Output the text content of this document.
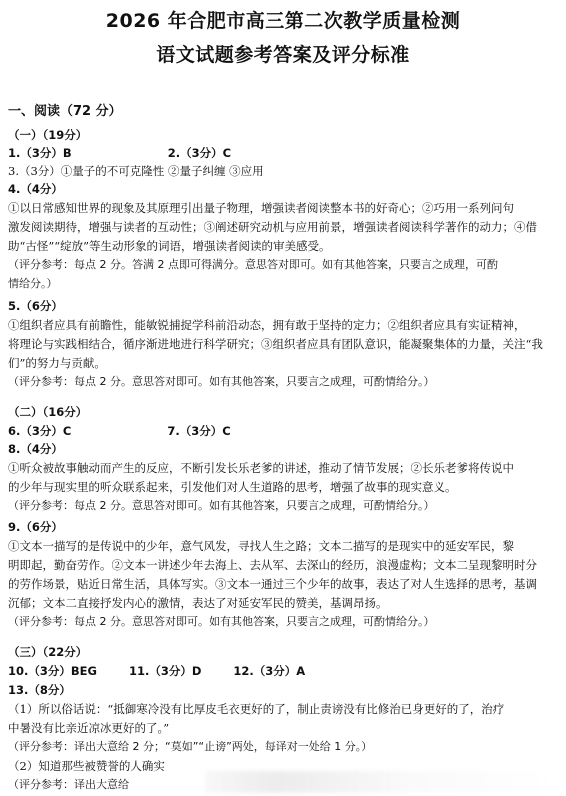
2026 年合肥市高三第二次教学质量检测
语文试题参考答案及评分标准
一、阅读（72 分）
（一）（19分）
1.（3分）B                        2.（3分）C
3.（3分）①量子的不可克隆性 ②量子纠缠 ③应用
4.（4分）
①以日常感知世界的现象及其原理引出量子物理，增强读者阅读整本书的好奇心；②巧用一系列问句
激发阅读期待，增强与读者的互动性；③阐述研究动机与应用前景，增强读者阅读科学著作的动力；④借
助“古怪”“绽放”等生动形象的词语，增强读者阅读的审美感受。
（评分参考：每点 2 分。答满 2 点即可得满分。意思答对即可。如有其他答案，只要言之成理，可酌
情给分。）
5.（6分）
①组织者应具有前瞻性，能敏锐捕捉学科前沿动态，拥有敢于坚持的定力；②组织者应具有实证精神，
将理论与实践相结合，循序渐进地进行科学研究；③组织者应具有团队意识，能凝聚集体的力量，关注“我
们”的努力与贡献。
（评分参考：每点 2 分。意思答对即可。如有其他答案，只要言之成理，可酌情给分。）
（二）（16分）
6.（3分）C                        7.（3分）C
8.（4分）
①听众被故事触动而产生的反应，不断引发长乐老爹的讲述，推动了情节发展；②长乐老爹将传说中
的少年与现实里的听众联系起来，引发他们对人生道路的思考，增强了故事的现实意义。
（评分参考：每点 2 分。意思答对即可。如有其他答案，只要言之成理，可酌情给分。）
9.（6分）
①文本一描写的是传说中的少年，意气风发，寻找人生之路；文本二描写的是现实中的延安军民，黎
明即起，勤奋劳作。②文本一讲述少年去海上、去从军、去深山的经历，浪漫虚构；文本二呈现黎明时分
的劳作场景，贴近日常生活，具体写实。③文本一通过三个少年的故事，表达了对人生选择的思考，基调
沉郁；文本二直接抒发内心的激情，表达了对延安军民的赞美，基调昂扬。
（评分参考：每点 2 分。意思答对即可。如有其他答案，只要言之成理，可酌情给分。）
（三）（22分）
10.（3分）BEG        11.（3分）D        12.（3分）A
13.（8分）
（1）所以俗话说：“抵御寒冷没有比厚皮毛衣更好的了，制止责谤没有比修治已身更好的了，治疗
中暑没有比亲近凉冰更好的了。”
（评分参考：译出大意给 2 分；“莫如”“止谤”两处，每译对一处给 1 分。）
（2）知道那些被赞誉的人确实
（评分参考：译出大意给
